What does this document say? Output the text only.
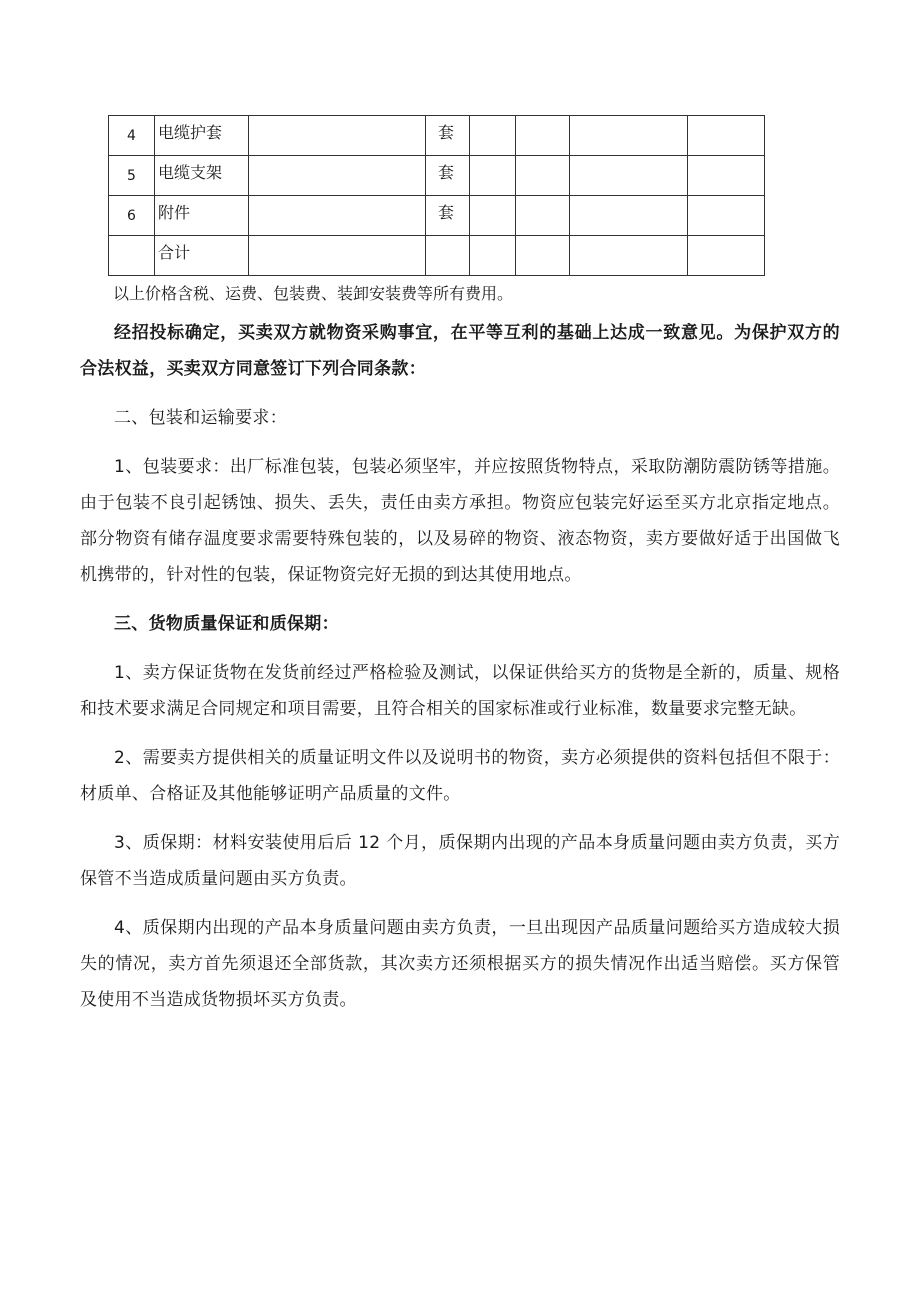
4	电缆护套		套				
5	电缆支架		套				
6	附件		套				
	合计						
以上价格含税、运费、包装费、装卸安装费等所有费用。

经招投标确定，买卖双方就物资采购事宜，在平等互利的基础上达成一致意见。为保护双方的合法权益，买卖双方同意签订下列合同条款：

二、包装和运输要求：

1、包装要求：出厂标准包装，包装必须坚牢，并应按照货物特点，采取防潮防震防锈等措施。由于包装不良引起锈蚀、损失、丢失，责任由卖方承担。物资应包装完好运至买方北京指定地点。部分物资有储存温度要求需要特殊包装的，以及易碎的物资、液态物资，卖方要做好适于出国做飞机携带的，针对性的包装，保证物资完好无损的到达其使用地点。

三、货物质量保证和质保期：

1、卖方保证货物在发货前经过严格检验及测试，以保证供给买方的货物是全新的，质量、规格和技术要求满足合同规定和项目需要，且符合相关的国家标准或行业标准，数量要求完整无缺。

2、需要卖方提供相关的质量证明文件以及说明书的物资，卖方必须提供的资料包括但不限于：材质单、合格证及其他能够证明产品质量的文件。

3、质保期：材料安装使用后后 12 个月，质保期内出现的产品本身质量问题由卖方负责，买方保管不当造成质量问题由买方负责。

4、质保期内出现的产品本身质量问题由卖方负责，一旦出现因产品质量问题给买方造成较大损失的情况，卖方首先须退还全部货款，其次卖方还须根据买方的损失情况作出适当赔偿。买方保管及使用不当造成货物损坏买方负责。
